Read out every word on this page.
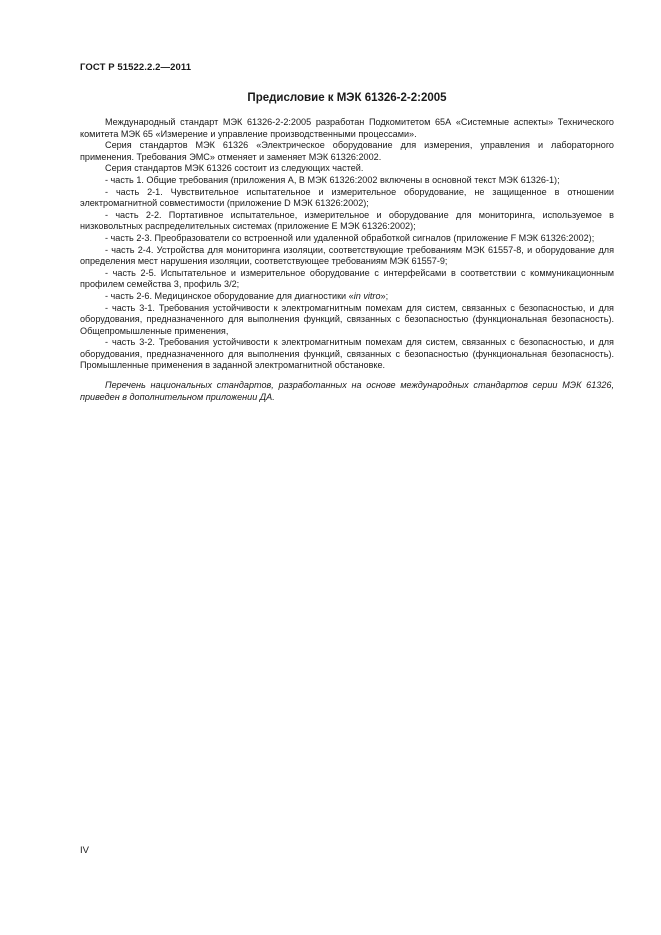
ГОСТ Р 51522.2.2—2011
Предисловие к МЭК 61326-2-2:2005

Международный стандарт МЭК 61326-2-2:2005 разработан Подкомитетом 65А «Системные аспекты» Технического комитета МЭК 65 «Измерение и управление производственными процессами».

Серия стандартов МЭК 61326 «Электрическое оборудование для измерения, управления и лабораторного применения. Требования ЭМС» отменяет и заменяет МЭК 61326:2002.

Серия стандартов МЭК 61326 состоит из следующих частей.

- часть 1. Общие требования (приложения А, В МЭК 61326:2002 включены в основной текст МЭК 61326-1);

- часть 2-1. Чувствительное испытательное и измерительное оборудование, не защищенное в отношении электромагнитной совместимости (приложение D МЭК 61326:2002);

- часть 2-2. Портативное испытательное, измерительное и оборудование для мониторинга, используемое в низковольтных распределительных системах (приложение Е МЭК 61326:2002);

- часть 2-3. Преобразователи со встроенной или удаленной обработкой сигналов (приложение F МЭК 61326:2002);

- часть 2-4. Устройства для мониторинга изоляции, соответствующие требованиям МЭК 61557-8, и оборудование для определения мест нарушения изоляции, соответствующее требованиям МЭК 61557-9;

- часть 2-5. Испытательное и измерительное оборудование с интерфейсами в соответствии с коммуникационным профилем семейства 3, профиль 3/2;

- часть 2-6. Медицинское оборудование для диагностики «in vitro»;

- часть 3-1. Требования устойчивости к электромагнитным помехам для систем, связанных с безопасностью, и для оборудования, предназначенного для выполнения функций, связанных с безопасностью (функциональная безопасность). Общепромышленные применения,

- часть 3-2. Требования устойчивости к электромагнитным помехам для систем, связанных с безопасностью, и для оборудования, предназначенного для выполнения функций, связанных с безопасностью (функциональная безопасность). Промышленные применения в заданной электромагнитной обстановке.

Перечень национальных стандартов, разработанных на основе международных стандартов серии МЭК 61326, приведен в дополнительном приложении ДА.

IV
